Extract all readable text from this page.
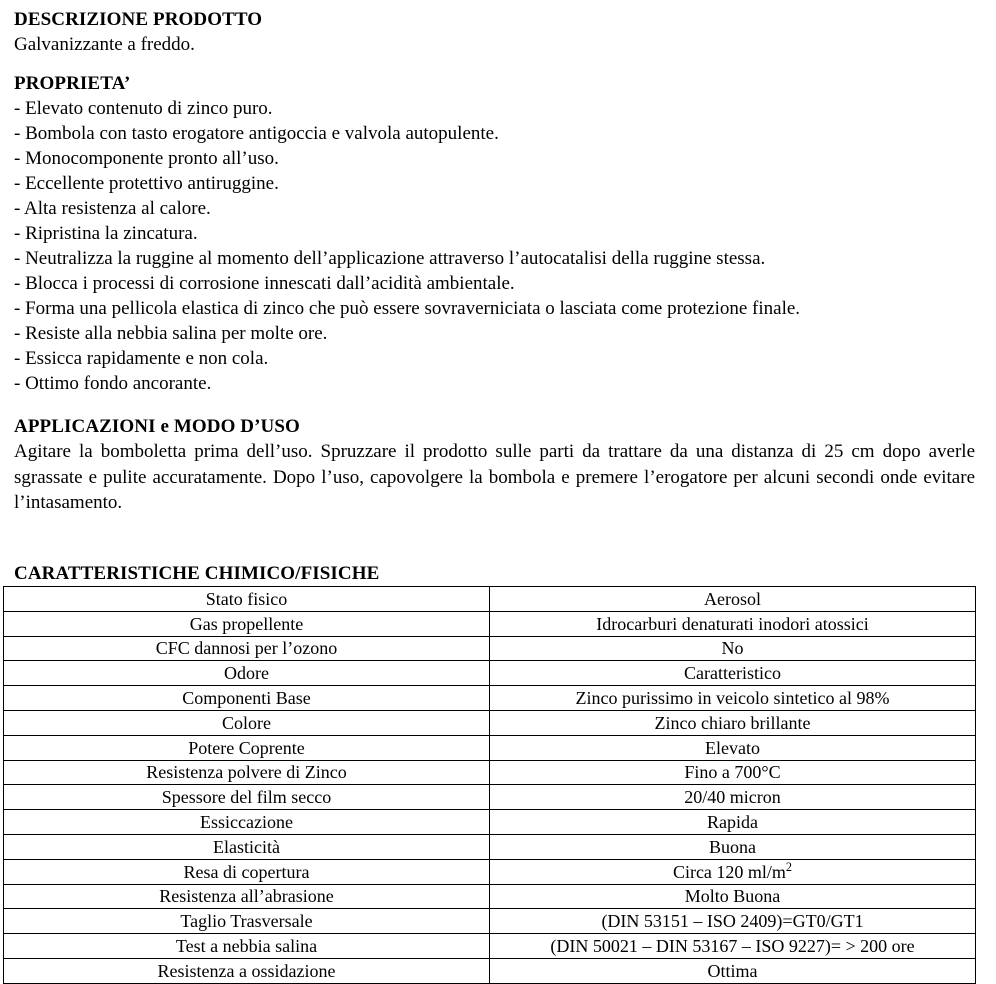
DESCRIZIONE PRODOTTO
Galvanizzante a freddo.
PROPRIETA’
- Elevato contenuto di zinco puro.
- Bombola con tasto erogatore antigoccia e valvola autopulente.
- Monocomponente pronto all’uso.
- Eccellente protettivo antiruggine.
- Alta resistenza al calore.
- Ripristina la zincatura.
- Neutralizza la ruggine al momento dell’applicazione attraverso l’autocatalisi della ruggine stessa.
- Blocca i processi di corrosione innescati dall’acidità ambientale.
- Forma una pellicola elastica di zinco che può essere sovraverniciata o lasciata come protezione finale.
- Resiste alla nebbia salina per molte ore.
- Essicca rapidamente e non cola.
- Ottimo fondo ancorante.
APPLICAZIONI e MODO D’USO

Agitare la bomboletta prima dell’uso. Spruzzare il prodotto sulle parti da trattare da una distanza di 25 cm dopo averle sgrassate e pulite accuratamente. Dopo l’uso, capovolgere la bombola e premere l’erogatore per alcuni secondi onde evitare l’intasamento.

CARATTERISTICHE CHIMICO/FISICHE
Stato fisico	Aerosol
Gas propellente	Idrocarburi denaturati inodori atossici
CFC dannosi per l’ozono	No
Odore	Caratteristico
Componenti Base	Zinco purissimo in veicolo sintetico al 98%
Colore	Zinco chiaro brillante
Potere Coprente	Elevato
Resistenza polvere di Zinco	Fino a 700°C
Spessore del film secco	20/40 micron
Essiccazione	Rapida
Elasticità	Buona
Resa di copertura	Circa 120 $ml/m^2$
Resistenza all’abrasione	Molto Buona
Taglio Trasversale	(DIN 53151 – ISO 2409)=GT0/GT1
Test a nebbia salina	(DIN 50021 – DIN 53167 – ISO 9227)= > 200 ore
Resistenza a ossidazione	Ottima
